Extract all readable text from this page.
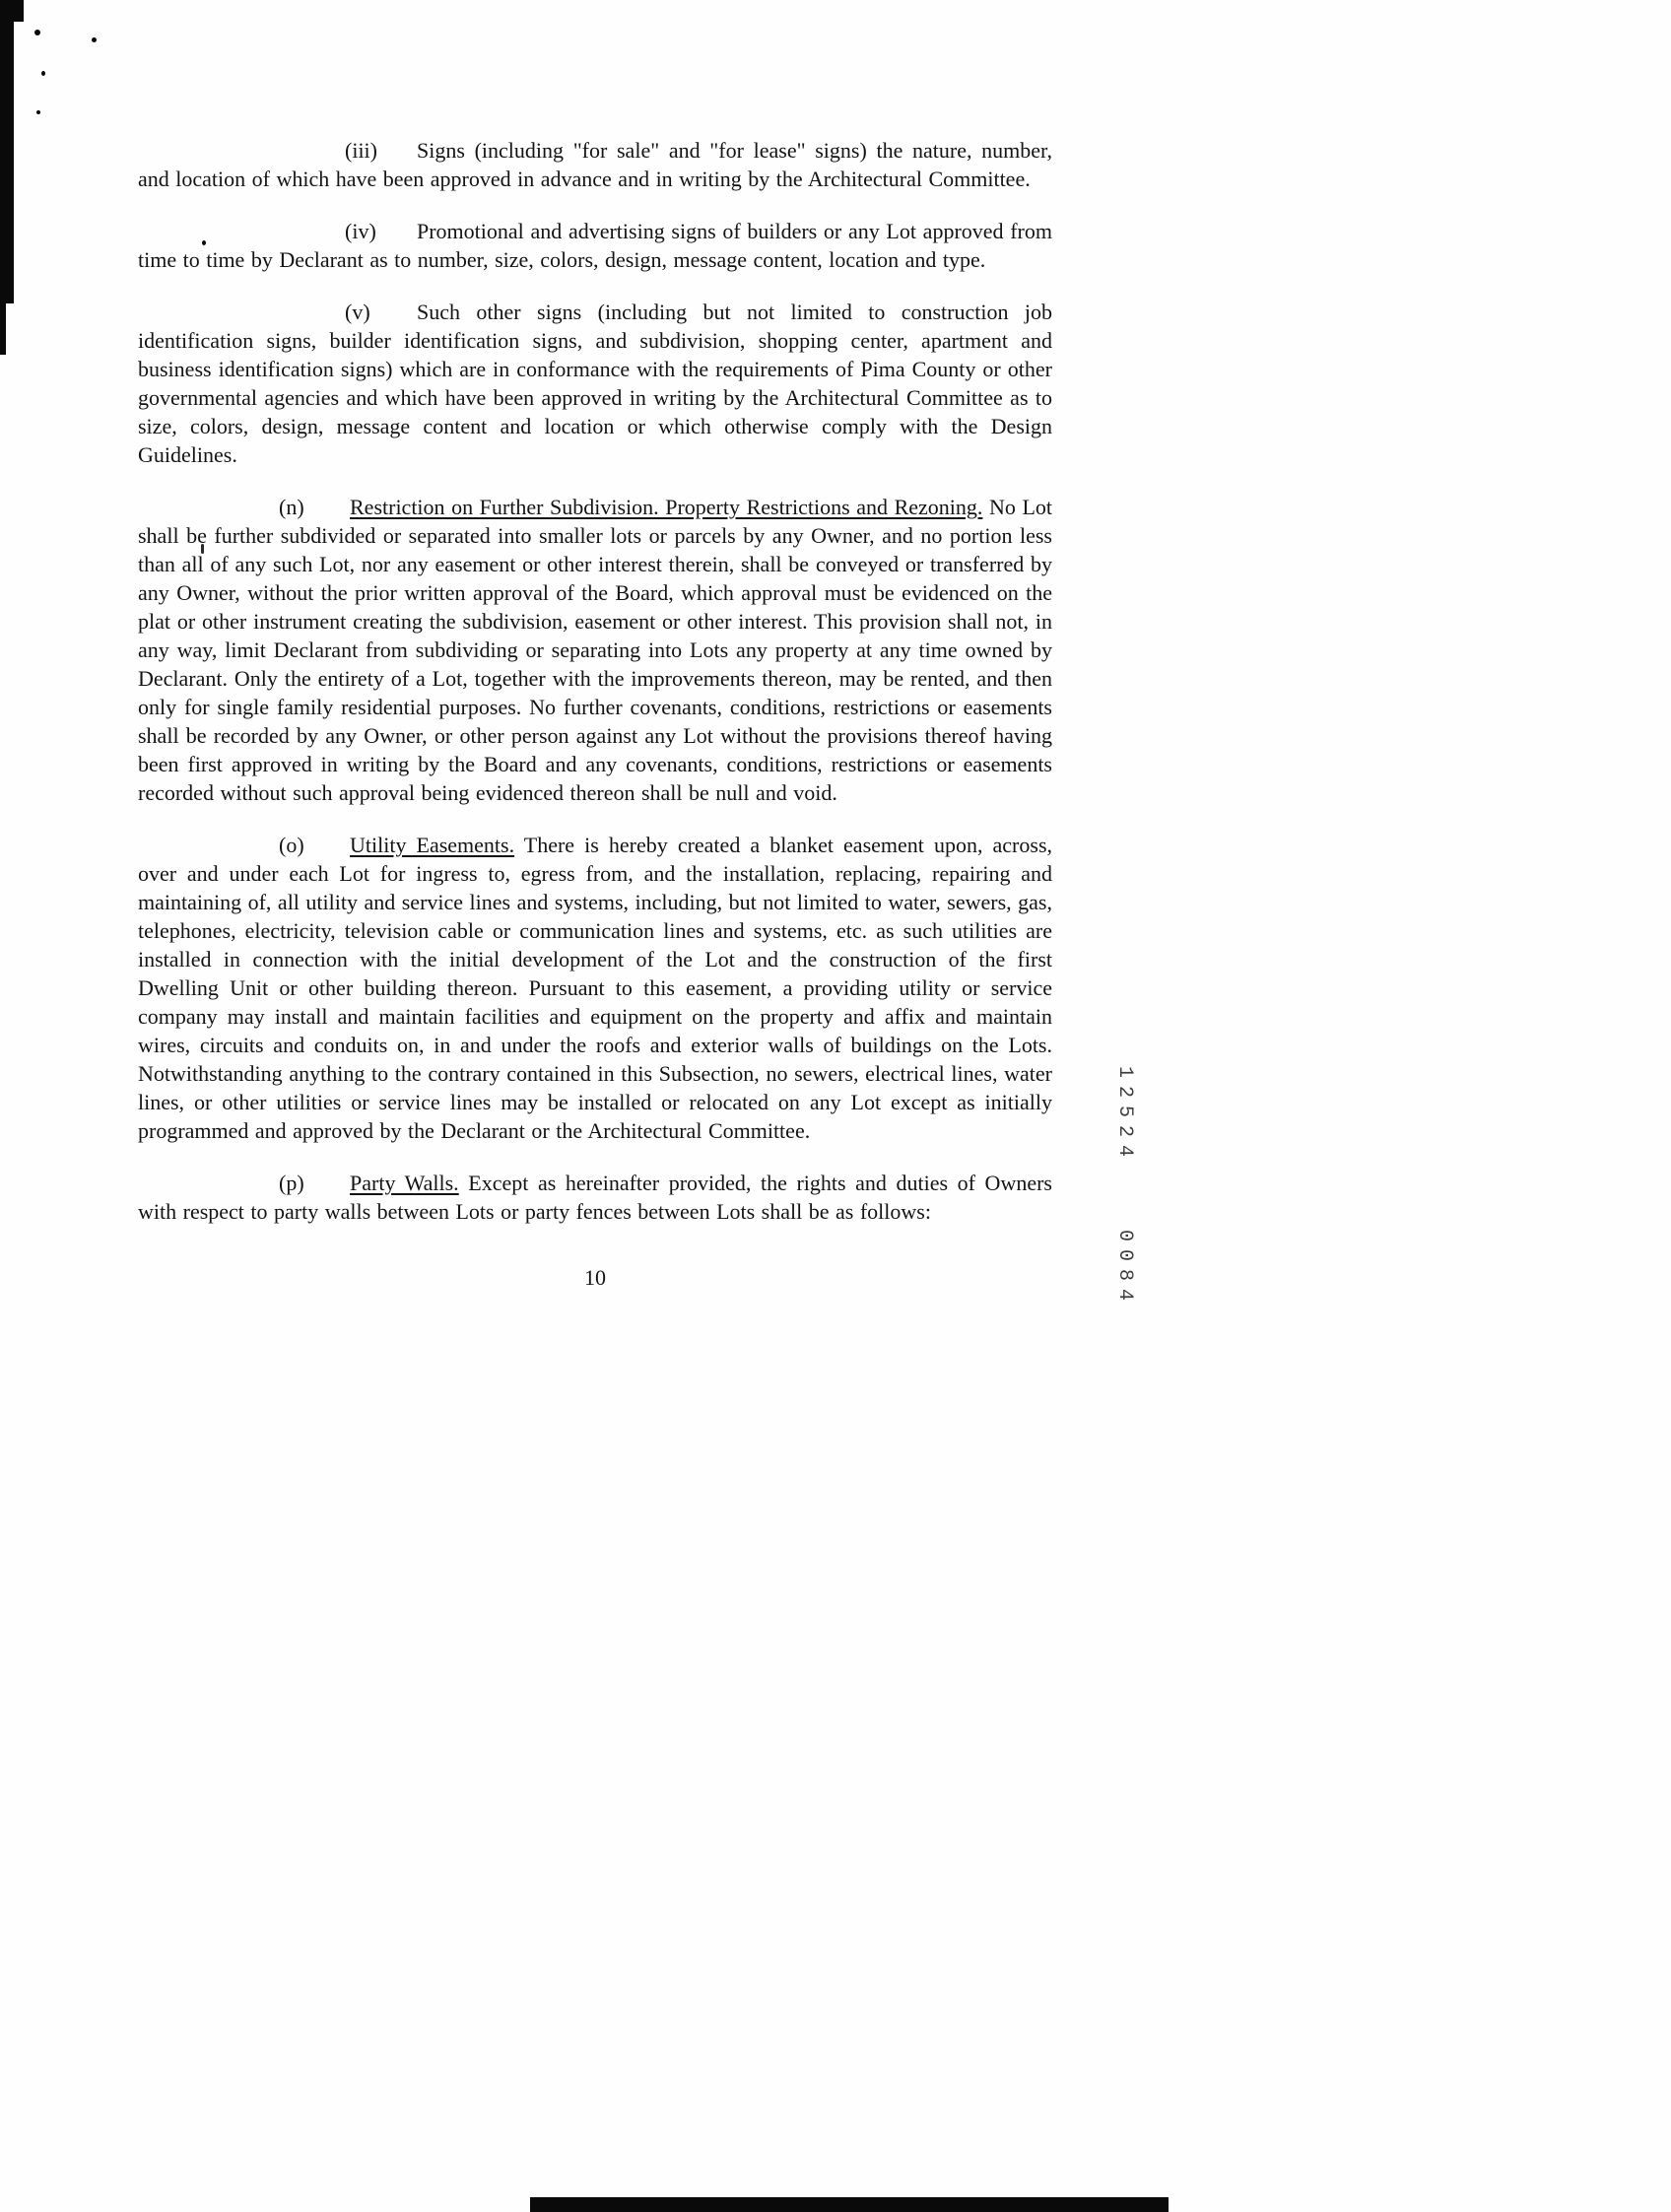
(iii) Signs (including "for sale" and "for lease" signs) the nature, number, and location of which have been approved in advance and in writing by the Architectural Committee.

(iv) Promotional and advertising signs of builders or any Lot approved from time to time by Declarant as to number, size, colors, design, message content, location and type.

(v) Such other signs (including but not limited to construction job identification signs, builder identification signs, and subdivision, shopping center, apartment and business identification signs) which are in conformance with the requirements of Pima County or other governmental agencies and which have been approved in writing by the Architectural Committee as to size, colors, design, message content and location or which otherwise comply with the Design Guidelines.

(n) Restriction on Further Subdivision. Property Restrictions and Rezoning. No Lot shall be further subdivided or separated into smaller lots or parcels by any Owner, and no portion less than all of any such Lot, nor any easement or other interest therein, shall be conveyed or transferred by any Owner, without the prior written approval of the Board, which approval must be evidenced on the plat or other instrument creating the subdivision, easement or other interest. This provision shall not, in any way, limit Declarant from subdividing or separating into Lots any property at any time owned by Declarant. Only the entirety of a Lot, together with the improvements thereon, may be rented, and then only for single family residential purposes. No further covenants, conditions, restrictions or easements shall be recorded by any Owner, or other person against any Lot without the provisions thereof having been first approved in writing by the Board and any covenants, conditions, restrictions or easements recorded without such approval being evidenced thereon shall be null and void.

(o) Utility Easements. There is hereby created a blanket easement upon, across, over and under each Lot for ingress to, egress from, and the installation, replacing, repairing and maintaining of, all utility and service lines and systems, including, but not limited to water, sewers, gas, telephones, electricity, television cable or communication lines and systems, etc. as such utilities are installed in connection with the initial development of the Lot and the construction of the first Dwelling Unit or other building thereon. Pursuant to this easement, a providing utility or service company may install and maintain facilities and equipment on the property and affix and maintain wires, circuits and conduits on, in and under the roofs and exterior walls of buildings on the Lots. Notwithstanding anything to the contrary contained in this Subsection, no sewers, electrical lines, water lines, or other utilities or service lines may be installed or relocated on any Lot except as initially programmed and approved by the Declarant or the Architectural Committee.

(p) Party Walls. Except as hereinafter provided, the rights and duties of Owners with respect to party walls between Lots or party fences between Lots shall be as follows:

10
12524
0084
